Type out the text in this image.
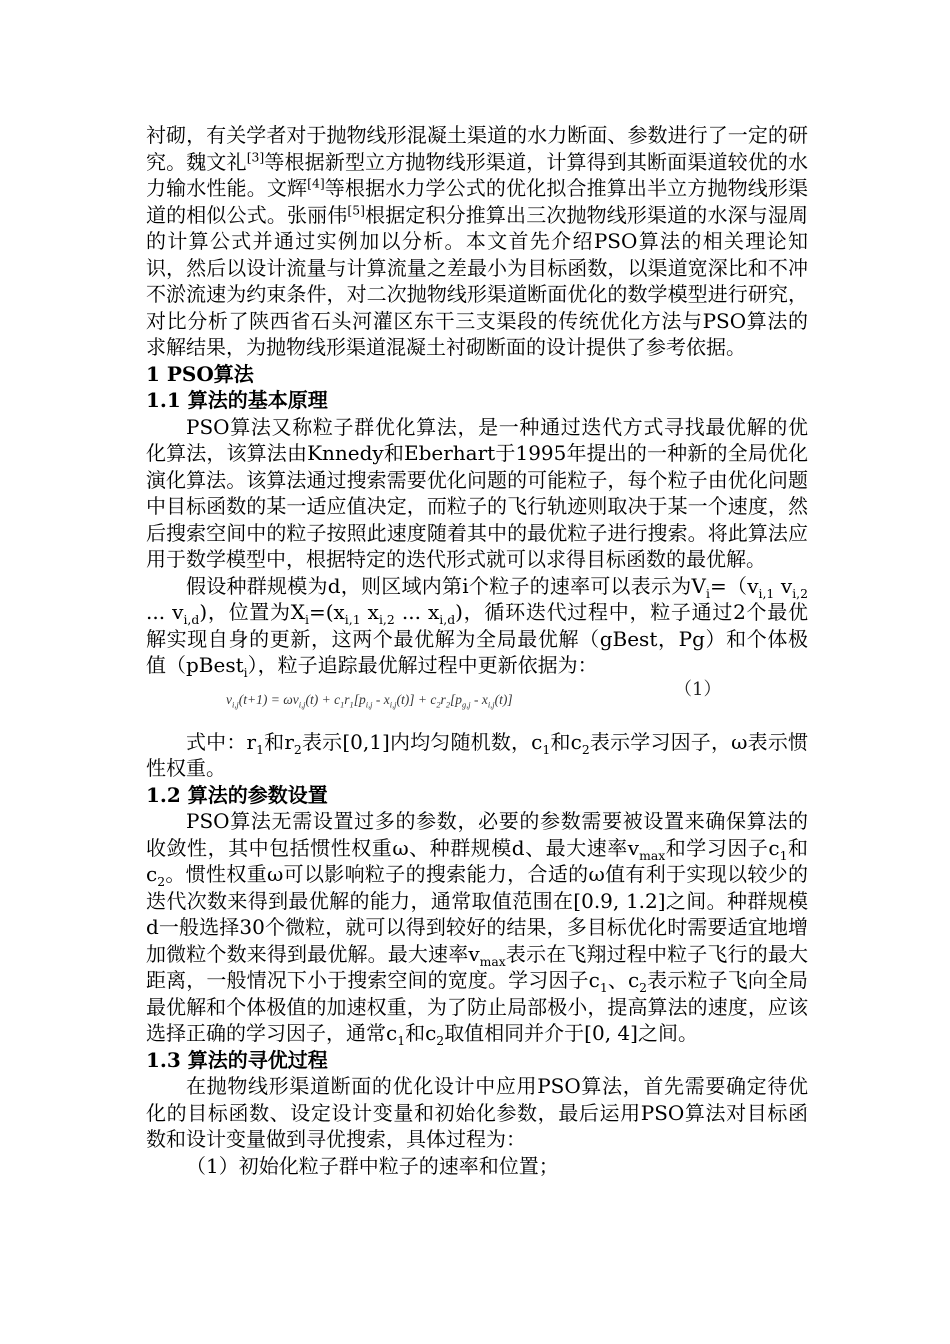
衬砌，有关学者对于抛物线形混凝土渠道的水力断面、参数进行了一定的研究。魏文礼[3]等根据新型立方抛物线形渠道，计算得到其断面渠道较优的水力输水性能。文辉[4]等根据水力学公式的优化拟合推算出半立方抛物线形渠道的相似公式。张丽伟[5]根据定积分推算出三次抛物线形渠道的水深与湿周的计算公式并通过实例加以分析。本文首先介绍PSO算法的相关理论知识，然后以设计流量与计算流量之差最小为目标函数，以渠道宽深比和不冲不淤流速为约束条件，对二次抛物线形渠道断面优化的数学模型进行研究，对比分析了陕西省石头河灌区东干三支渠段的传统优化方法与PSO算法的求解结果，为抛物线形渠道混凝土衬砌断面的设计提供了参考依据。

1 PSO算法

1.1 算法的基本原理

PSO算法又称粒子群优化算法，是一种通过迭代方式寻找最优解的优化算法，该算法由Knnedy和Eberhart于1995年提出的一种新的全局优化演化算法。该算法通过搜索需要优化问题的可能粒子，每个粒子由优化问题中目标函数的某一适应值决定，而粒子的飞行轨迹则取决于某一个速度，然后搜索空间中的粒子按照此速度随着其中的最优粒子进行搜索。将此算法应用于数学模型中，根据特定的迭代形式就可以求得目标函数的最优解。

假设种群规模为d，则区域内第i个粒子的速率可以表示为$V_i=(v_{i,1}$ $v_{i,2}$ ... $v_{i,d}$)，位置为$X_i=(x_{i,1}$ $x_{i,2}$ ... $x_{i,d}$)，循环迭代过程中，粒子通过2个最优解实现自身的更新，这两个最优解为全局最优解（gBest，Pg）和个体极值（pBest$_i$），粒子追踪最优解过程中更新依据为：

$v_{i,j}(t+1) = \omega v_{i,j}(t) + c_1r_1[p_{i,j} - x_{i,j}(t)] + c_2r_2[p_{g,j} - x_{i,j}(t)]$	（1）

式中：$r_1$和$r_2$表示[0,1]内均匀随机数，$c_1$和$c_2$表示学习因子，ω表示惯性权重。

1.2 算法的参数设置

PSO算法无需设置过多的参数，必要的参数需要被设置来确保算法的收敛性，其中包括惯性权重ω、种群规模d、最大速率$v_{max}$和学习因子$c_1$和$c_2$。惯性权重ω可以影响粒子的搜索能力，合适的ω值有利于实现以较少的迭代次数来得到最优解的能力，通常取值范围在[0.9, 1.2]之间。种群规模d一般选择30个微粒，就可以得到较好的结果，多目标优化时需要适宜地增加微粒个数来得到最优解。最大速率$v_{max}$表示在飞翔过程中粒子飞行的最大距离，一般情况下小于搜索空间的宽度。学习因子$c_1$、$c_2$表示粒子飞向全局最优解和个体极值的加速权重，为了防止局部极小，提高算法的速度，应该选择正确的学习因子，通常$c_1$和$c_2$取值相同并介于[0, 4]之间。

1.3 算法的寻优过程

在抛物线形渠道断面的优化设计中应用PSO算法，首先需要确定待优化的目标函数、设定设计变量和初始化参数，最后运用PSO算法对目标函数和设计变量做到寻优搜索，具体过程为：

（1）初始化粒子群中粒子的速率和位置；
